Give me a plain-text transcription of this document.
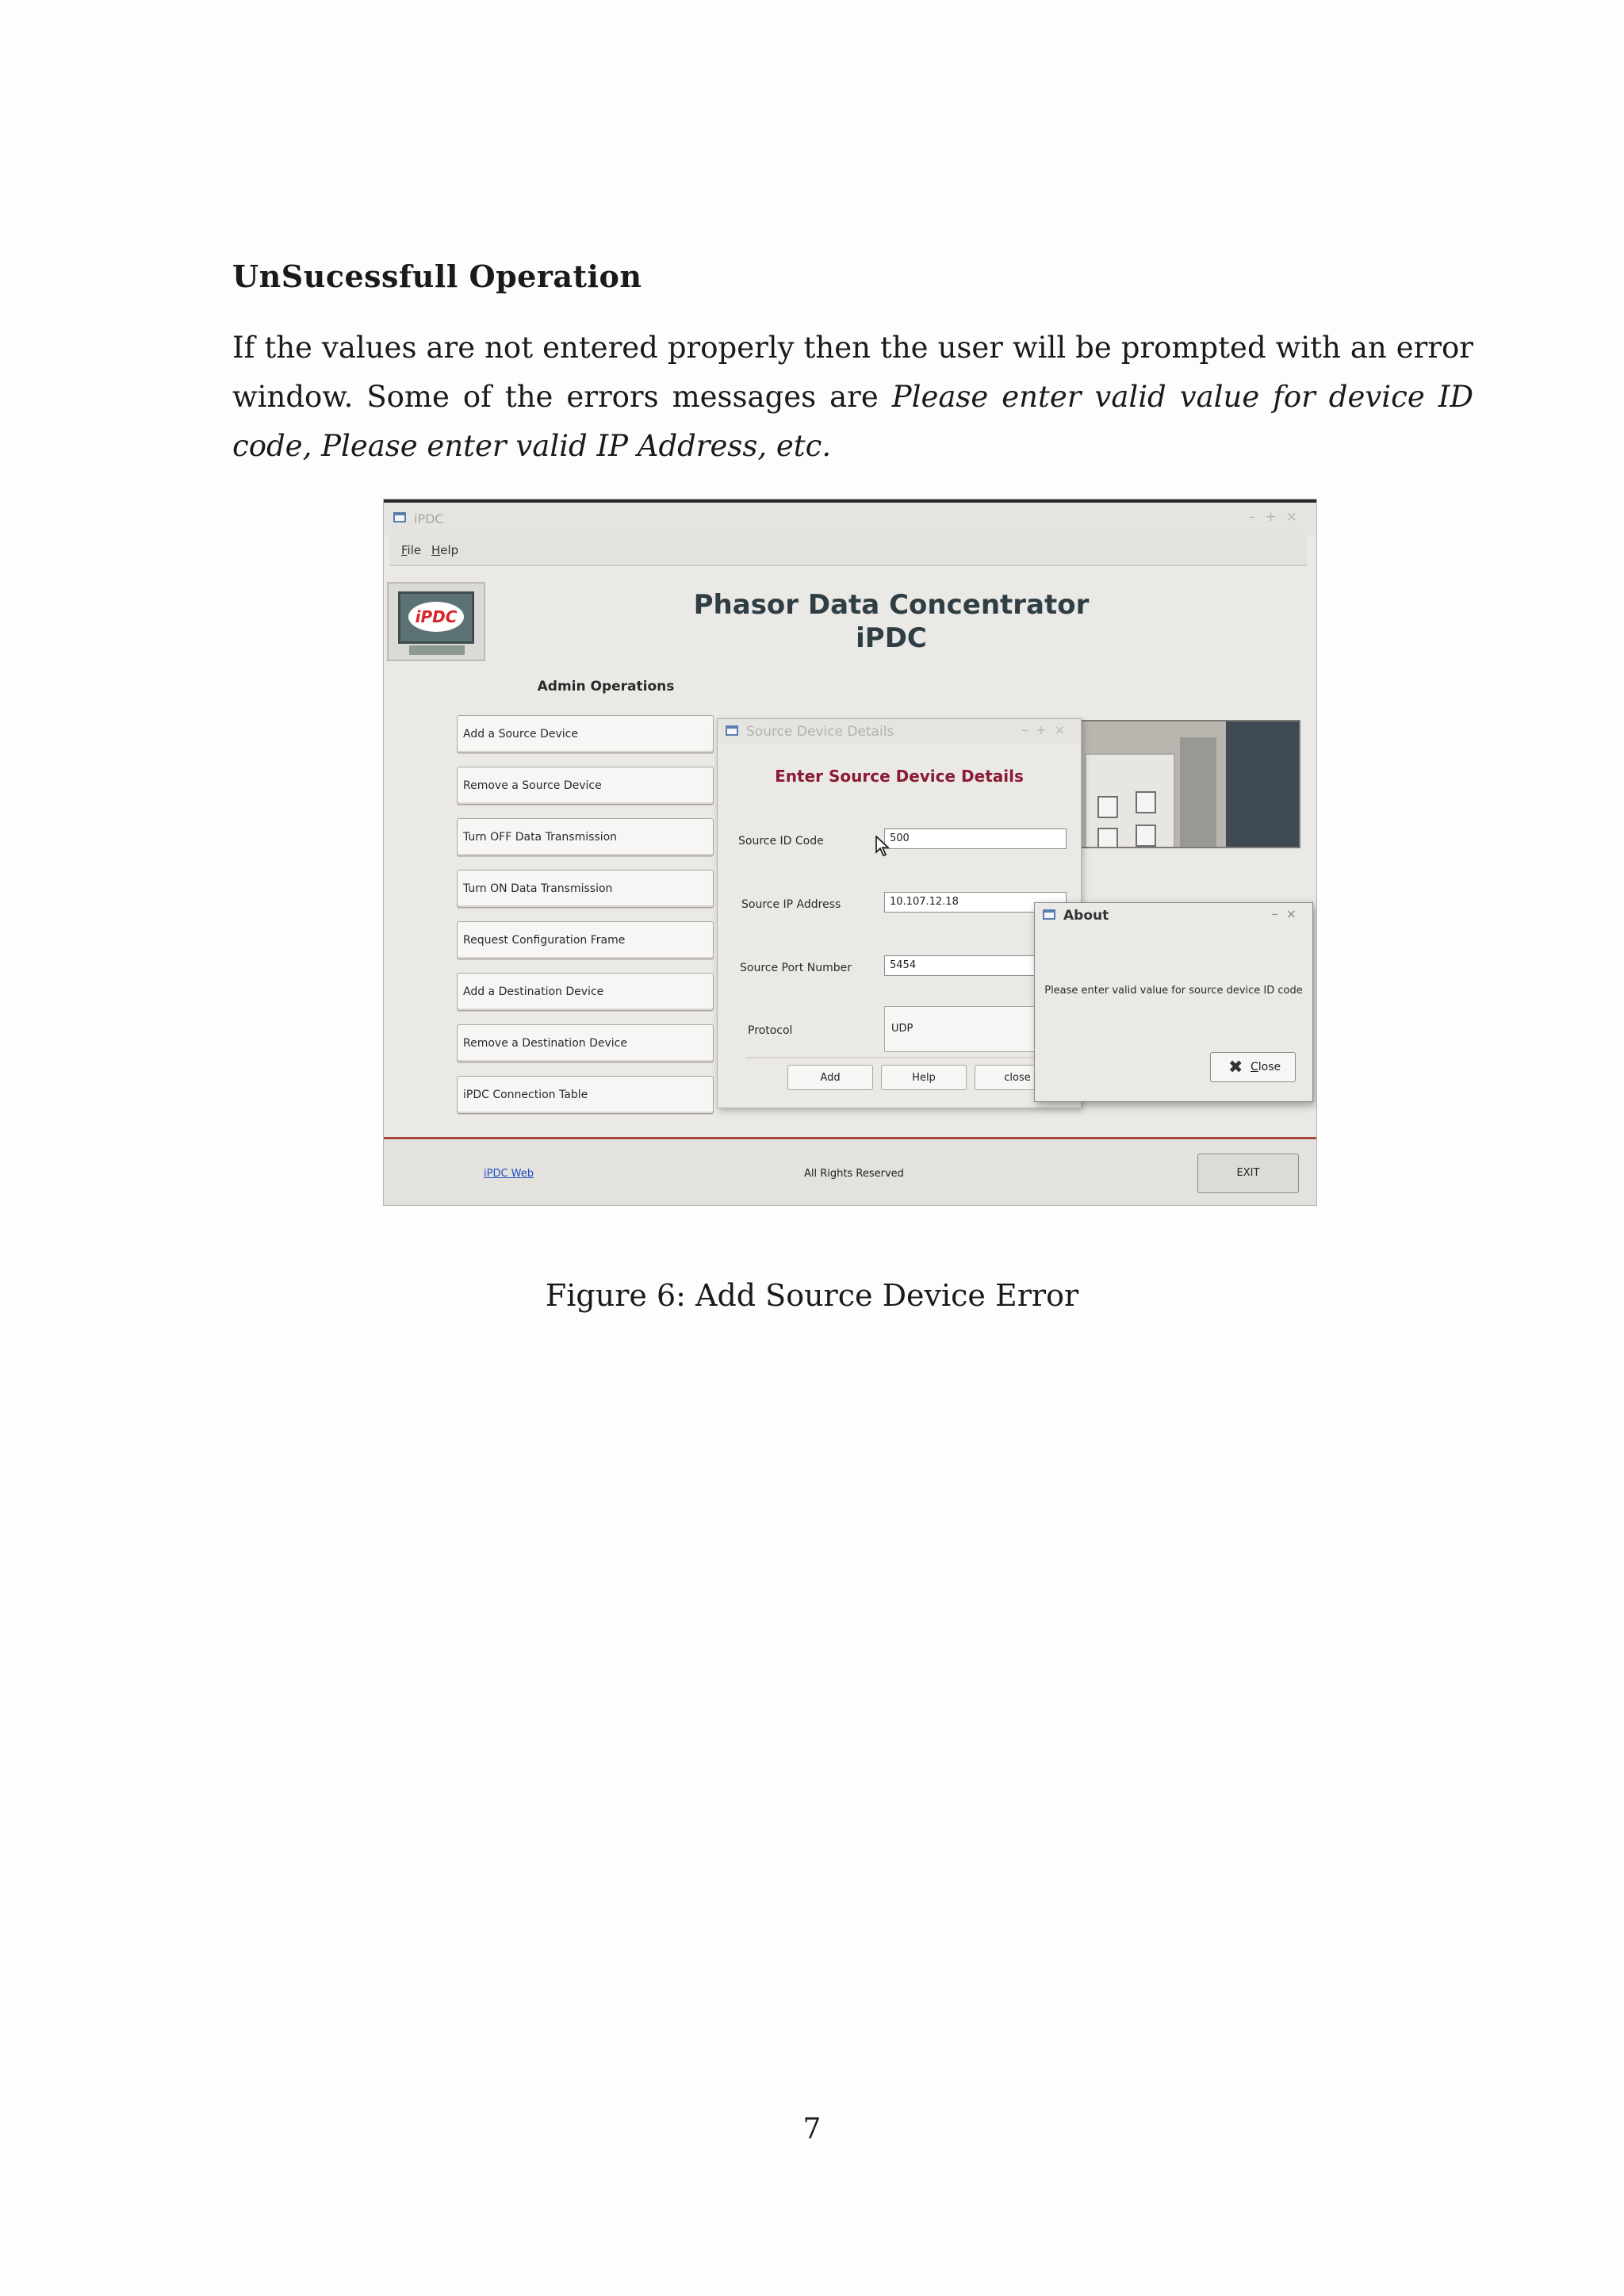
UnSucessfull Operation

If the values are not entered properly then the user will be prompted with an error window. Some of the errors messages are Please enter valid value for device ID code, Please enter valid IP Address, etc.

iPDC	–+×
File Help
iPDC	Phasor Data Concentrator
iPDC
Admin Operations
Add a Source Device
Remove a Source Device
Turn OFF Data Transmission
Turn ON Data Transmission
Request Configuration Frame
Add a Destination Device
Remove a Destination Device
iPDC Connection Table
Source Device Details	–+×
Enter Source Device Details
Source ID Code	500
Source IP Address	10.107.12.18
Source Port Number	5454
Protocol	UDP
Add	Help	close
About	–×
Please enter valid value for source device ID code
✖ Close
iPDC Web	All Rights Reserved	EXIT
Figure 6: Add Source Device Error
7
